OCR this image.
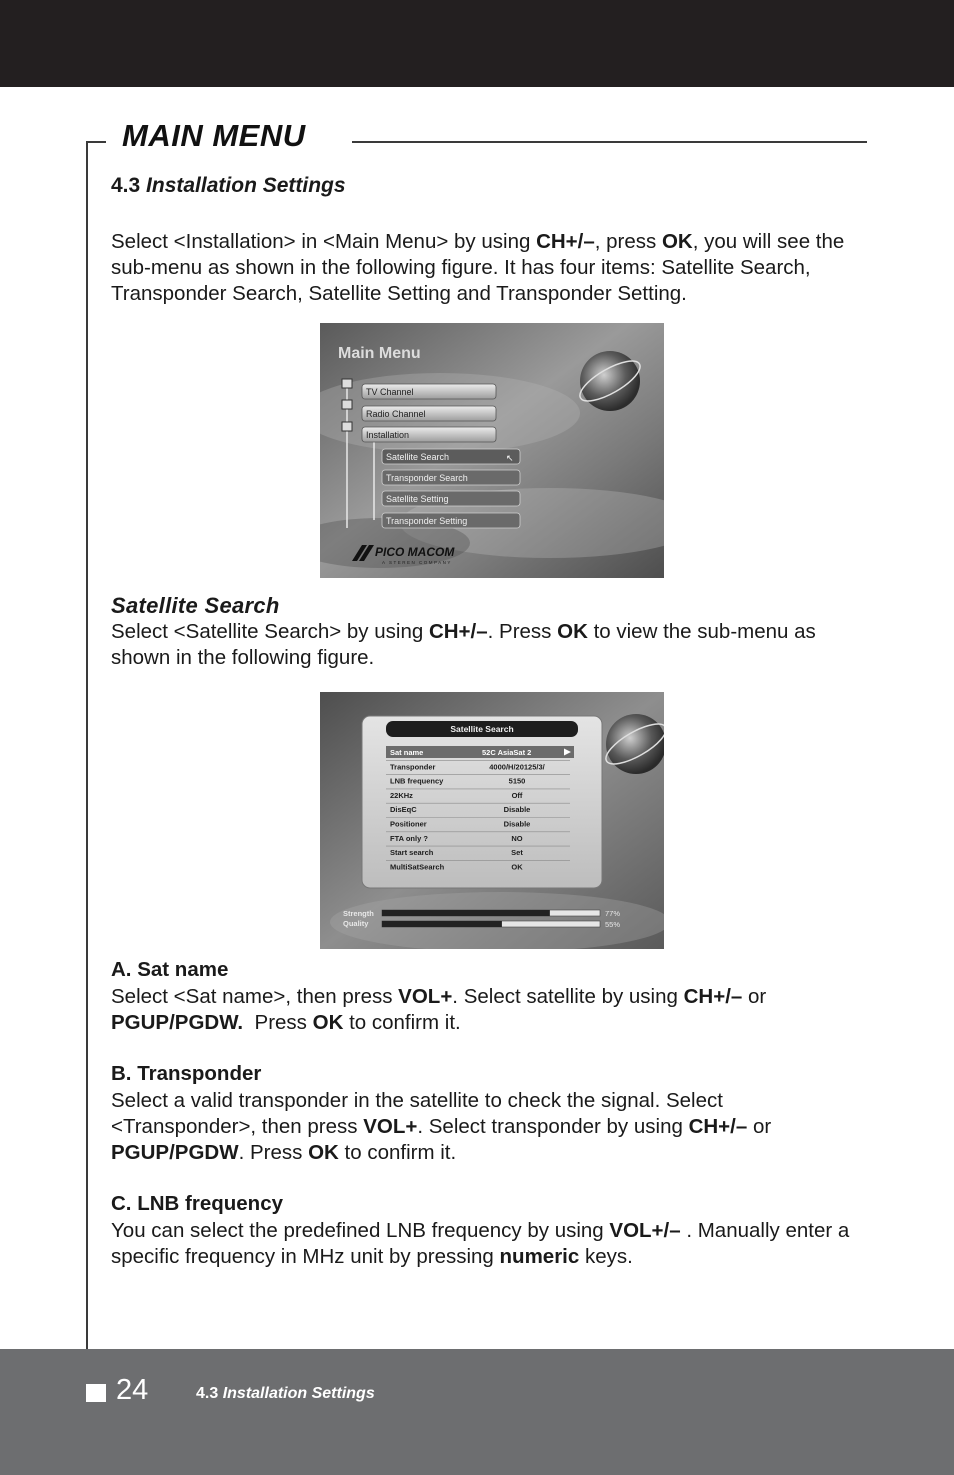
MAIN MENU
4.3 Installation Settings

Select <Installation> in <Main Menu> by using CH+/–, press OK, you will see the sub-menu as shown in the following figure. It has four items: Satellite Search, Transponder Search, Satellite Setting and Transponder Setting.

Main Menu
TV Channel
Radio Channel
Installation
Satellite Search	↖
Transponder Search
Satellite Setting
Transponder Setting
PICO MACOM
A STEREN COMPANY
Satellite Search

Select <Satellite Search> by using CH+/–. Press OK to view the sub-menu as shown in the following figure.

Satellite Search
Sat name	52C AsiaSat 2
Transponder	4000/H/20125/3/
LNB frequency	5150
22KHz	Off
DisEqC	Disable
Positioner	Disable
FTA only ?	NO
Start search	Set
MultiSatSearch	OK
Strength
Quality
77%
55%
A. Sat name

Select <Sat name>, then press VOL+. Select satellite by using CH+/– or PGUP/PGDW.  Press OK to confirm it.

B. Transponder

Select a valid transponder in the satellite to check the signal. Select <Transponder>, then press VOL+. Select transponder by using CH+/– or PGUP/PGDW. Press OK to confirm it.

C. LNB frequency

You can select the predefined LNB frequency by using VOL+/– . Manually enter a specific frequency in MHz unit by pressing numeric keys.

24	4.3 Installation Settings
